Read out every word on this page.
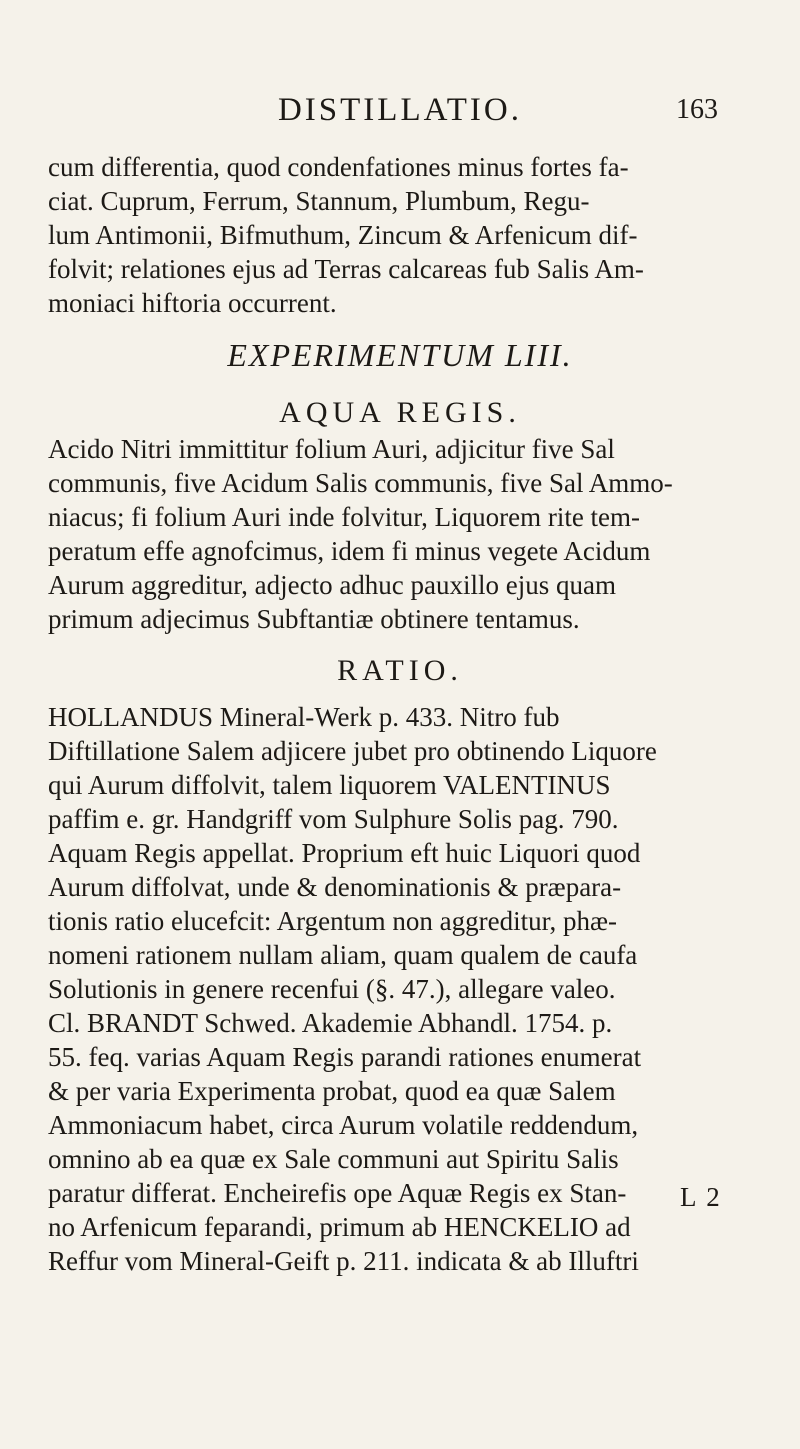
DISTILLATIO.	163
cum differentia, quod condenfationes minus fortes fa-
ciat. Cuprum, Ferrum, Stannum, Plumbum, Regu-
lum Antimonii, Bifmuthum, Zincum & Arfenicum dif-
folvit; relationes ejus ad Terras calcareas fub Salis Am-
moniaci hiftoria occurrent.
EXPERIMENTUM LIII.
AQUA REGIS.
Acido Nitri immittitur folium Auri, adjicitur five Sal
communis, five Acidum Salis communis, five Sal Ammo-
niacus; fi folium Auri inde folvitur, Liquorem rite tem-
peratum effe agnofcimus, idem fi minus vegete Acidum
Aurum aggreditur, adjecto adhuc pauxillo ejus quam
primum adjecimus Subftantiæ obtinere tentamus.
RATIO.
HOLLANDUS Mineral-Werk p. 433. Nitro fub
Diftillatione Salem adjicere jubet pro obtinendo Liquore
qui Aurum diffolvit, talem liquorem VALENTINUS
paffim e. gr. Handgriff vom Sulphure Solis pag. 790.
Aquam Regis appellat. Proprium eft huic Liquori quod
Aurum diffolvat, unde & denominationis & præpara-
tionis ratio elucefcit: Argentum non aggreditur, phæ-
nomeni rationem nullam aliam, quam qualem de caufa
Solutionis in genere recenfui (§. 47.), allegare valeo.
Cl. BRANDT Schwed. Akademie Abhandl. 1754. p.
55. feq. varias Aquam Regis parandi rationes enumerat
& per varia Experimenta probat, quod ea quæ Salem
Ammoniacum habet, circa Aurum volatile reddendum,
omnino ab ea quæ ex Sale communi aut Spiritu Salis
paratur differat. Encheirefis ope Aquæ Regis ex Stan-
no Arfenicum feparandi, primum ab HENCKELIO ad
Reffur vom Mineral-Geift p. 211. indicata & ab Illuftri
L 2
